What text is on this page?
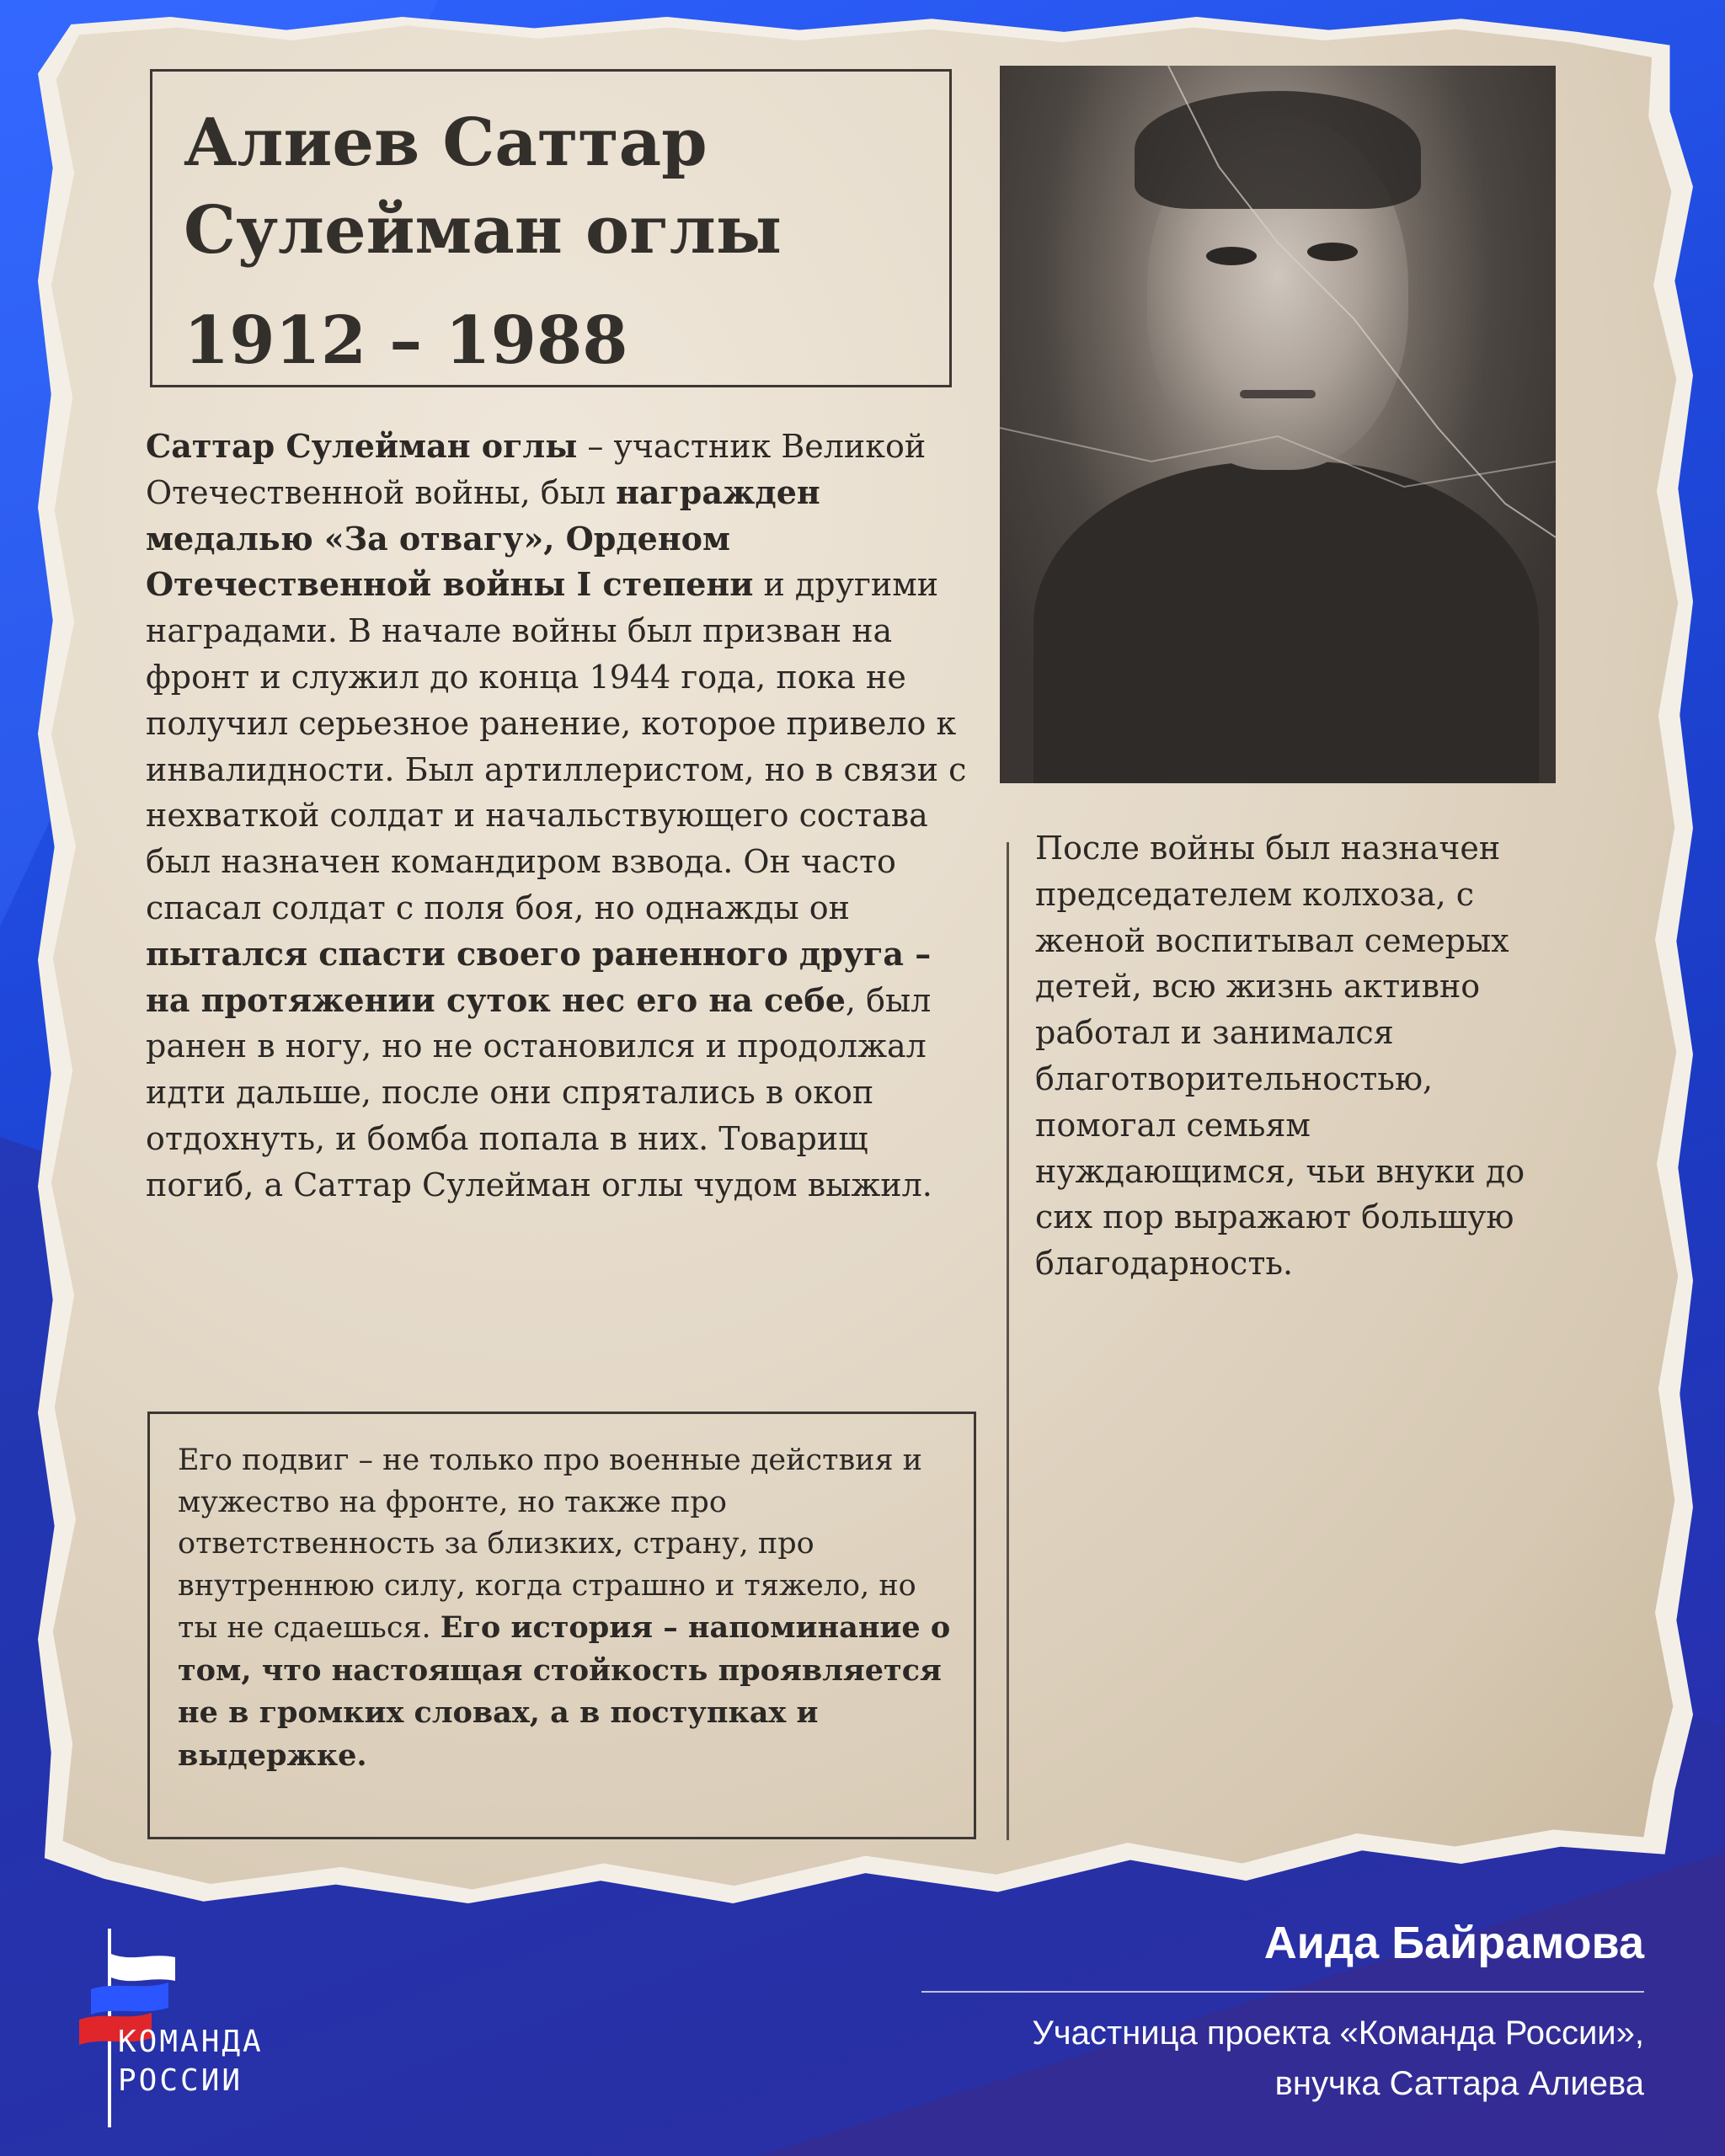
Алиев Саттар
Сулейман оглы
1912 – 1988

Саттар Сулейман оглы – участник Великой Отечественной войны, был награжден медалью «За отвагу», Орденом Отечественной войны I степени и другими наградами. В начале войны был призван на фронт и служил до конца 1944 года, пока не получил серьезное ранение, которое привело к инвалидности. Был артиллеристом, но в связи с нехваткой солдат и начальствующего состава был назначен командиром взвода. Он часто спасал солдат с поля боя, но однажды он пытался спасти своего раненного друга – на протяжении суток нес его на себе, был ранен в ногу, но не остановился и продолжал идти дальше, после они спрятались в окоп отдохнуть, и бомба попала в них. Товарищ погиб, а Саттар Сулейман оглы чудом выжил.

После войны был назначен председателем колхоза, с женой воспитывал семерых детей, всю жизнь активно работал и занимался благотворительностью, помогал семьям нуждающимся, чьи внуки до сих пор выражают большую благодарность.

Его подвиг – не только про военные действия и мужество на фронте, но также про ответственность за близких, страну, про внутреннюю силу, когда страшно и тяжело, но ты не сдаешься. Его история – напоминание о том, что настоящая стойкость проявляется не в громких словах, а в поступках и выдержке.

Аида Байрамова

Участница проекта «Команда России»,
внучка Саттара Алиева

КОМАНДА
РОССИИ
